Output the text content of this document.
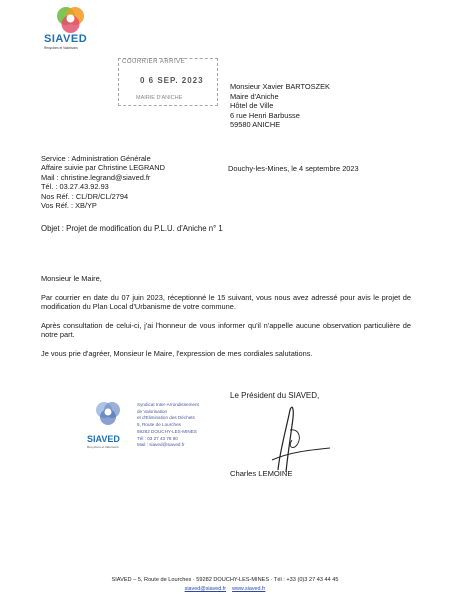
SIAVED
Recyclons et Valorisons
COURRIER ARRIVE
0 6 SEP. 2023
MAIRIE D'ANICHE
Monsieur Xavier BARTOSZEK
Maire d'Aniche
Hôtel de Ville
6 rue Henri Barbusse
59580 ANICHE
Service : Administration Générale
Affaire suivie par Christine LEGRAND
Mail : christine.legrand@siaved.fr
Tél. : 03.27.43.92.93
Nos Réf. : CL/DR/CL/2794
Vos Réf. : XB/YP
Douchy-les-Mines, le 4 septembre 2023
Objet : Projet de modification du P.L.U. d'Aniche n° 1

Monsieur le Maire,

Par courrier en date du 07 juin 2023, réceptionné le 15 suivant, vous nous avez adressé pour avis le projet de modification du Plan Local d'Urbanisme de votre commune.

Après consultation de celui-ci, j'ai l'honneur de vous informer qu'il n'appelle aucune observation particulière de notre part.

Je vous prie d'agréer, Monsieur le Maire, l'expression de mes cordiales salutations.

SIAVED
Recyclons et Valorisons
Syndicat Inter-Arrondissement
de Valorisation
et d'Elimination des Déchets
5, Route de Lourches
59282 DOUCHY-LES-MINES
Tél : 03 27 43 78 90
Mail : siaved@siaved.fr
Le Président du SIAVED,
Charles LEMOINE
SIAVED – 5, Route de Lourches · 59282 DOUCHY-LES-MINES · Tél : +33 (0)3 27 43 44 45
siaved@siaved.fr www.siaved.fr
